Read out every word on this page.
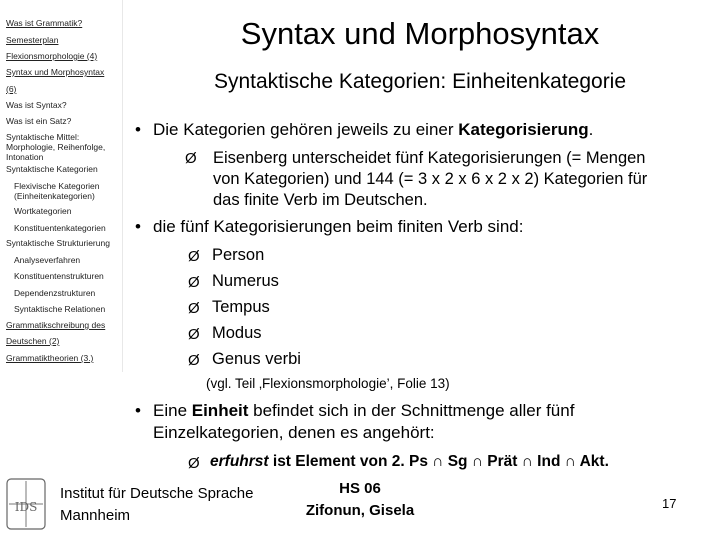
Was ist Grammatik?
Semesterplan
Flexionsmorphologie (4)
Syntax und Morphosyntax
(6)
Was ist Syntax?
Was ist ein Satz?
Syntaktische Mittel: Morphologie, Reihenfolge, Intonation
Syntaktische Kategorien
Flexivische Kategorien (Einheitenkategorien)
Wortkategorien
Konstituentenkategorien
Syntaktische Strukturierung
Analyseverfahren
Konstituentenstrukturen
Dependenzstrukturen
Syntaktische Relationen
Grammatikschreibung des
Deutschen (2)
Grammatiktheorien (3.)
Syntax und Morphosyntax
Syntaktische Kategorien: Einheitenkategorie
• Die Kategorien gehören jeweils zu einer Kategorisierung.
Ø Eisenberg unterscheidet fünf Kategorisierungen (= Mengen
von Kategorien) und 144 (= 3 x 2 x 6 x 2 x 2) Kategorien für
das finite Verb im Deutschen.
• die fünf Kategorisierungen beim finiten Verb sind:
Ø Person
Ø Numerus
Ø Tempus
Ø Modus
Ø Genus verbi
(vgl. Teil ‚Flexionsmorphologie’, Folie 13)
• Eine Einheit befindet sich in der Schnittmenge aller fünf
Einzelkategorien, denen es angehört:
Ø erfuhrst ist Element von 2. Ps ∩ Sg ∩ Prät ∩ Ind ∩ Akt.
IDS
Institut für Deutsche Sprache
Mannheim
HS 06
Zifonun, Gisela	17
